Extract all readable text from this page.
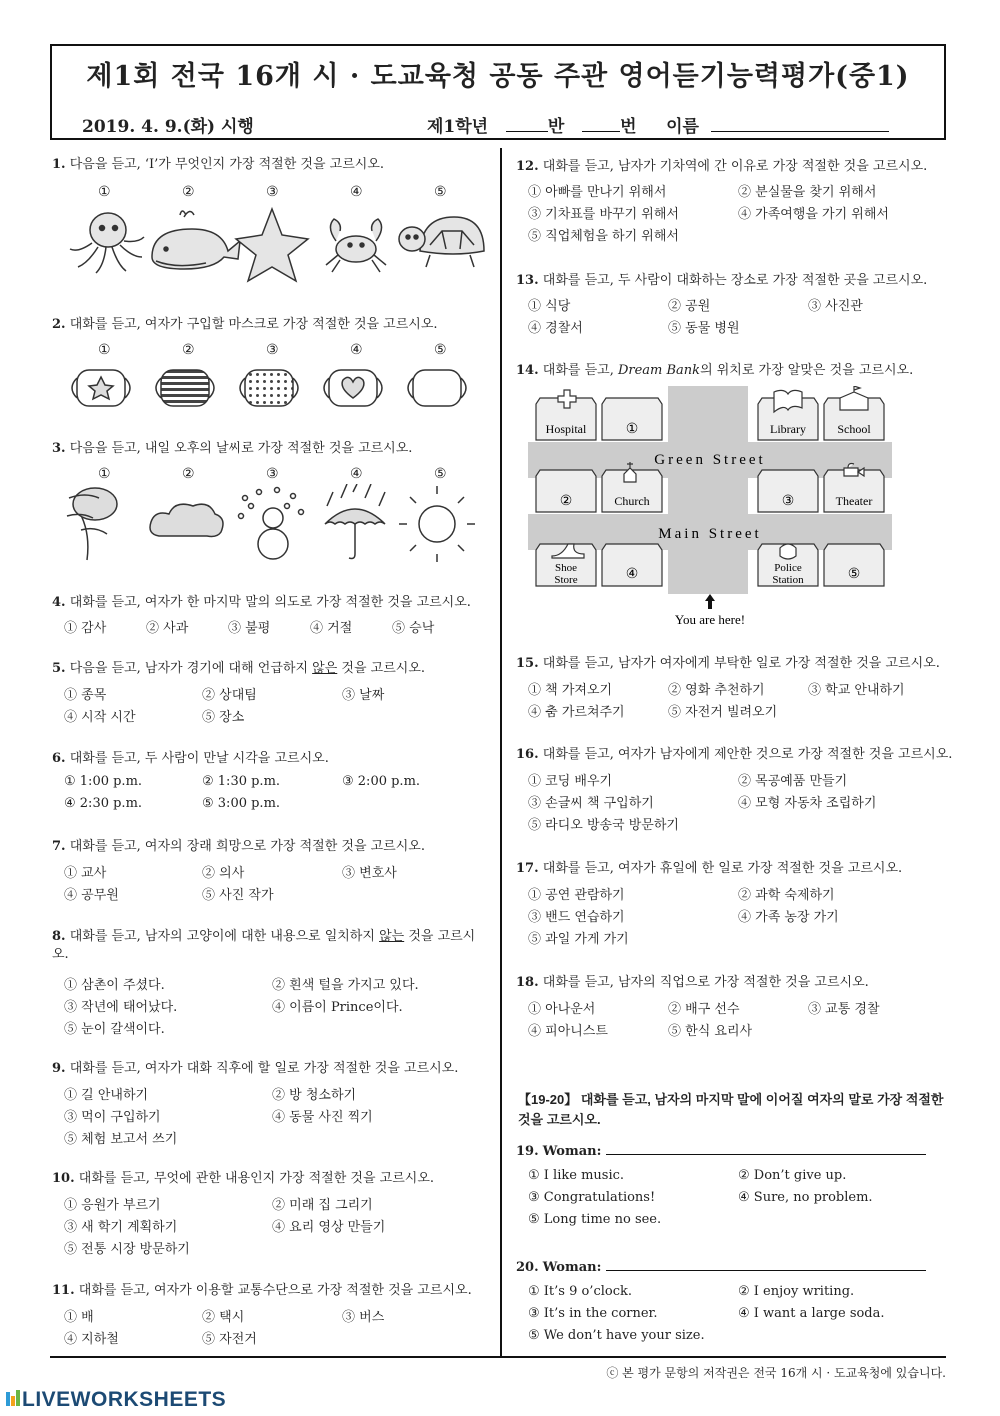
제1회 전국 16개 시 · 도교육청 공동 주관 영어듣기능력평가(중1)
2019. 4. 9.(화) 시행	제1학년	반	번 이름
1. 다음을 듣고, ‘I’가 무엇인지 가장 적절한 것을 고르시오.
①	②	③	④	⑤
2. 대화를 듣고, 여자가 구입할 마스크로 가장 적절한 것을 고르시오.
①	②	③	④	⑤
3. 다음을 듣고, 내일 오후의 날씨로 가장 적절한 것을 고르시오.
①	②	③	④	⑤
4. 대화를 듣고, 여자가 한 마지막 말의 의도로 가장 적절한 것을 고르시오.
① 감사	② 사과	③ 불평	④ 거절	⑤ 승낙
5. 다음을 듣고, 남자가 경기에 대해 언급하지 않은 것을 고르시오.
① 종목	② 상대팀	③ 날짜
④ 시작 시간	⑤ 장소
6. 대화를 듣고, 두 사람이 만날 시각을 고르시오.
① 1:00 p.m.	② 1:30 p.m.	③ 2:00 p.m.
④ 2:30 p.m.	⑤ 3:00 p.m.
7. 대화를 듣고, 여자의 장래 희망으로 가장 적절한 것을 고르시오.
① 교사	② 의사	③ 변호사
④ 공무원	⑤ 사진 작가
8. 대화를 듣고, 남자의 고양이에 대한 내용으로 일치하지 않는 것을 고르시오.
① 삼촌이 주셨다.	② 흰색 털을 가지고 있다.
③ 작년에 태어났다.	④ 이름이 Prince이다.
⑤ 눈이 갈색이다.
9. 대화를 듣고, 여자가 대화 직후에 할 일로 가장 적절한 것을 고르시오.
① 길 안내하기	② 방 청소하기
③ 먹이 구입하기	④ 동물 사진 찍기
⑤ 체험 보고서 쓰기
10. 대화를 듣고, 무엇에 관한 내용인지 가장 적절한 것을 고르시오.
① 응원가 부르기	② 미래 집 그리기
③ 새 학기 계획하기	④ 요리 영상 만들기
⑤ 전통 시장 방문하기
11. 대화를 듣고, 여자가 이용할 교통수단으로 가장 적절한 것을 고르시오.
① 배	② 택시	③ 버스
④ 지하철	⑤ 자전거
12. 대화를 듣고, 남자가 기차역에 간 이유로 가장 적절한 것을 고르시오.
① 아빠를 만나기 위해서	② 분실물을 찾기 위해서
③ 기차표를 바꾸기 위해서	④ 가족여행을 가기 위해서
⑤ 직업체험을 하기 위해서
13. 대화를 듣고, 두 사람이 대화하는 장소로 가장 적절한 곳을 고르시오.
① 식당	② 공원	③ 사진관
④ 경찰서	⑤ 동물 병원
14. 대화를 듣고, Dream Bank의 위치로 가장 알맞은 것을 고르시오.
Green Street
Main Street
Hospital	①	Library	School
②	Church	③	Theater
Shoe
Store	④	Police
Station	⑤
You are here!
15. 대화를 듣고, 남자가 여자에게 부탁한 일로 가장 적절한 것을 고르시오.
① 책 가져오기	② 영화 추천하기	③ 학교 안내하기
④ 춤 가르쳐주기	⑤ 자전거 빌려오기
16. 대화를 듣고, 여자가 남자에게 제안한 것으로 가장 적절한 것을 고르시오.
① 코딩 배우기	② 목공예품 만들기
③ 손글씨 책 구입하기	④ 모형 자동차 조립하기
⑤ 라디오 방송국 방문하기
17. 대화를 듣고, 여자가 휴일에 한 일로 가장 적절한 것을 고르시오.
① 공연 관람하기	② 과학 숙제하기
③ 밴드 연습하기	④ 가족 농장 가기
⑤ 과일 가게 가기
18. 대화를 듣고, 남자의 직업으로 가장 적절한 것을 고르시오.
① 아나운서	② 배구 선수	③ 교통 경찰
④ 피아니스트	⑤ 한식 요리사
【19-20】 대화를 듣고, 남자의 마지막 말에 이어질 여자의 말로 가장 적절한 것을 고르시오.
19. Woman:
① I like music.	② Don’t give up.
③ Congratulations!	④ Sure, no problem.
⑤ Long time no see.
20. Woman:
① It’s 9 o’clock.	② I enjoy writing.
③ It’s in the corner.	④ I want a large soda.
⑤ We don’t have your size.
ⓒ 본 평가 문항의 저작권은 전국 16개 시 · 도교육청에 있습니다.
LIVEWORKSHEETS
